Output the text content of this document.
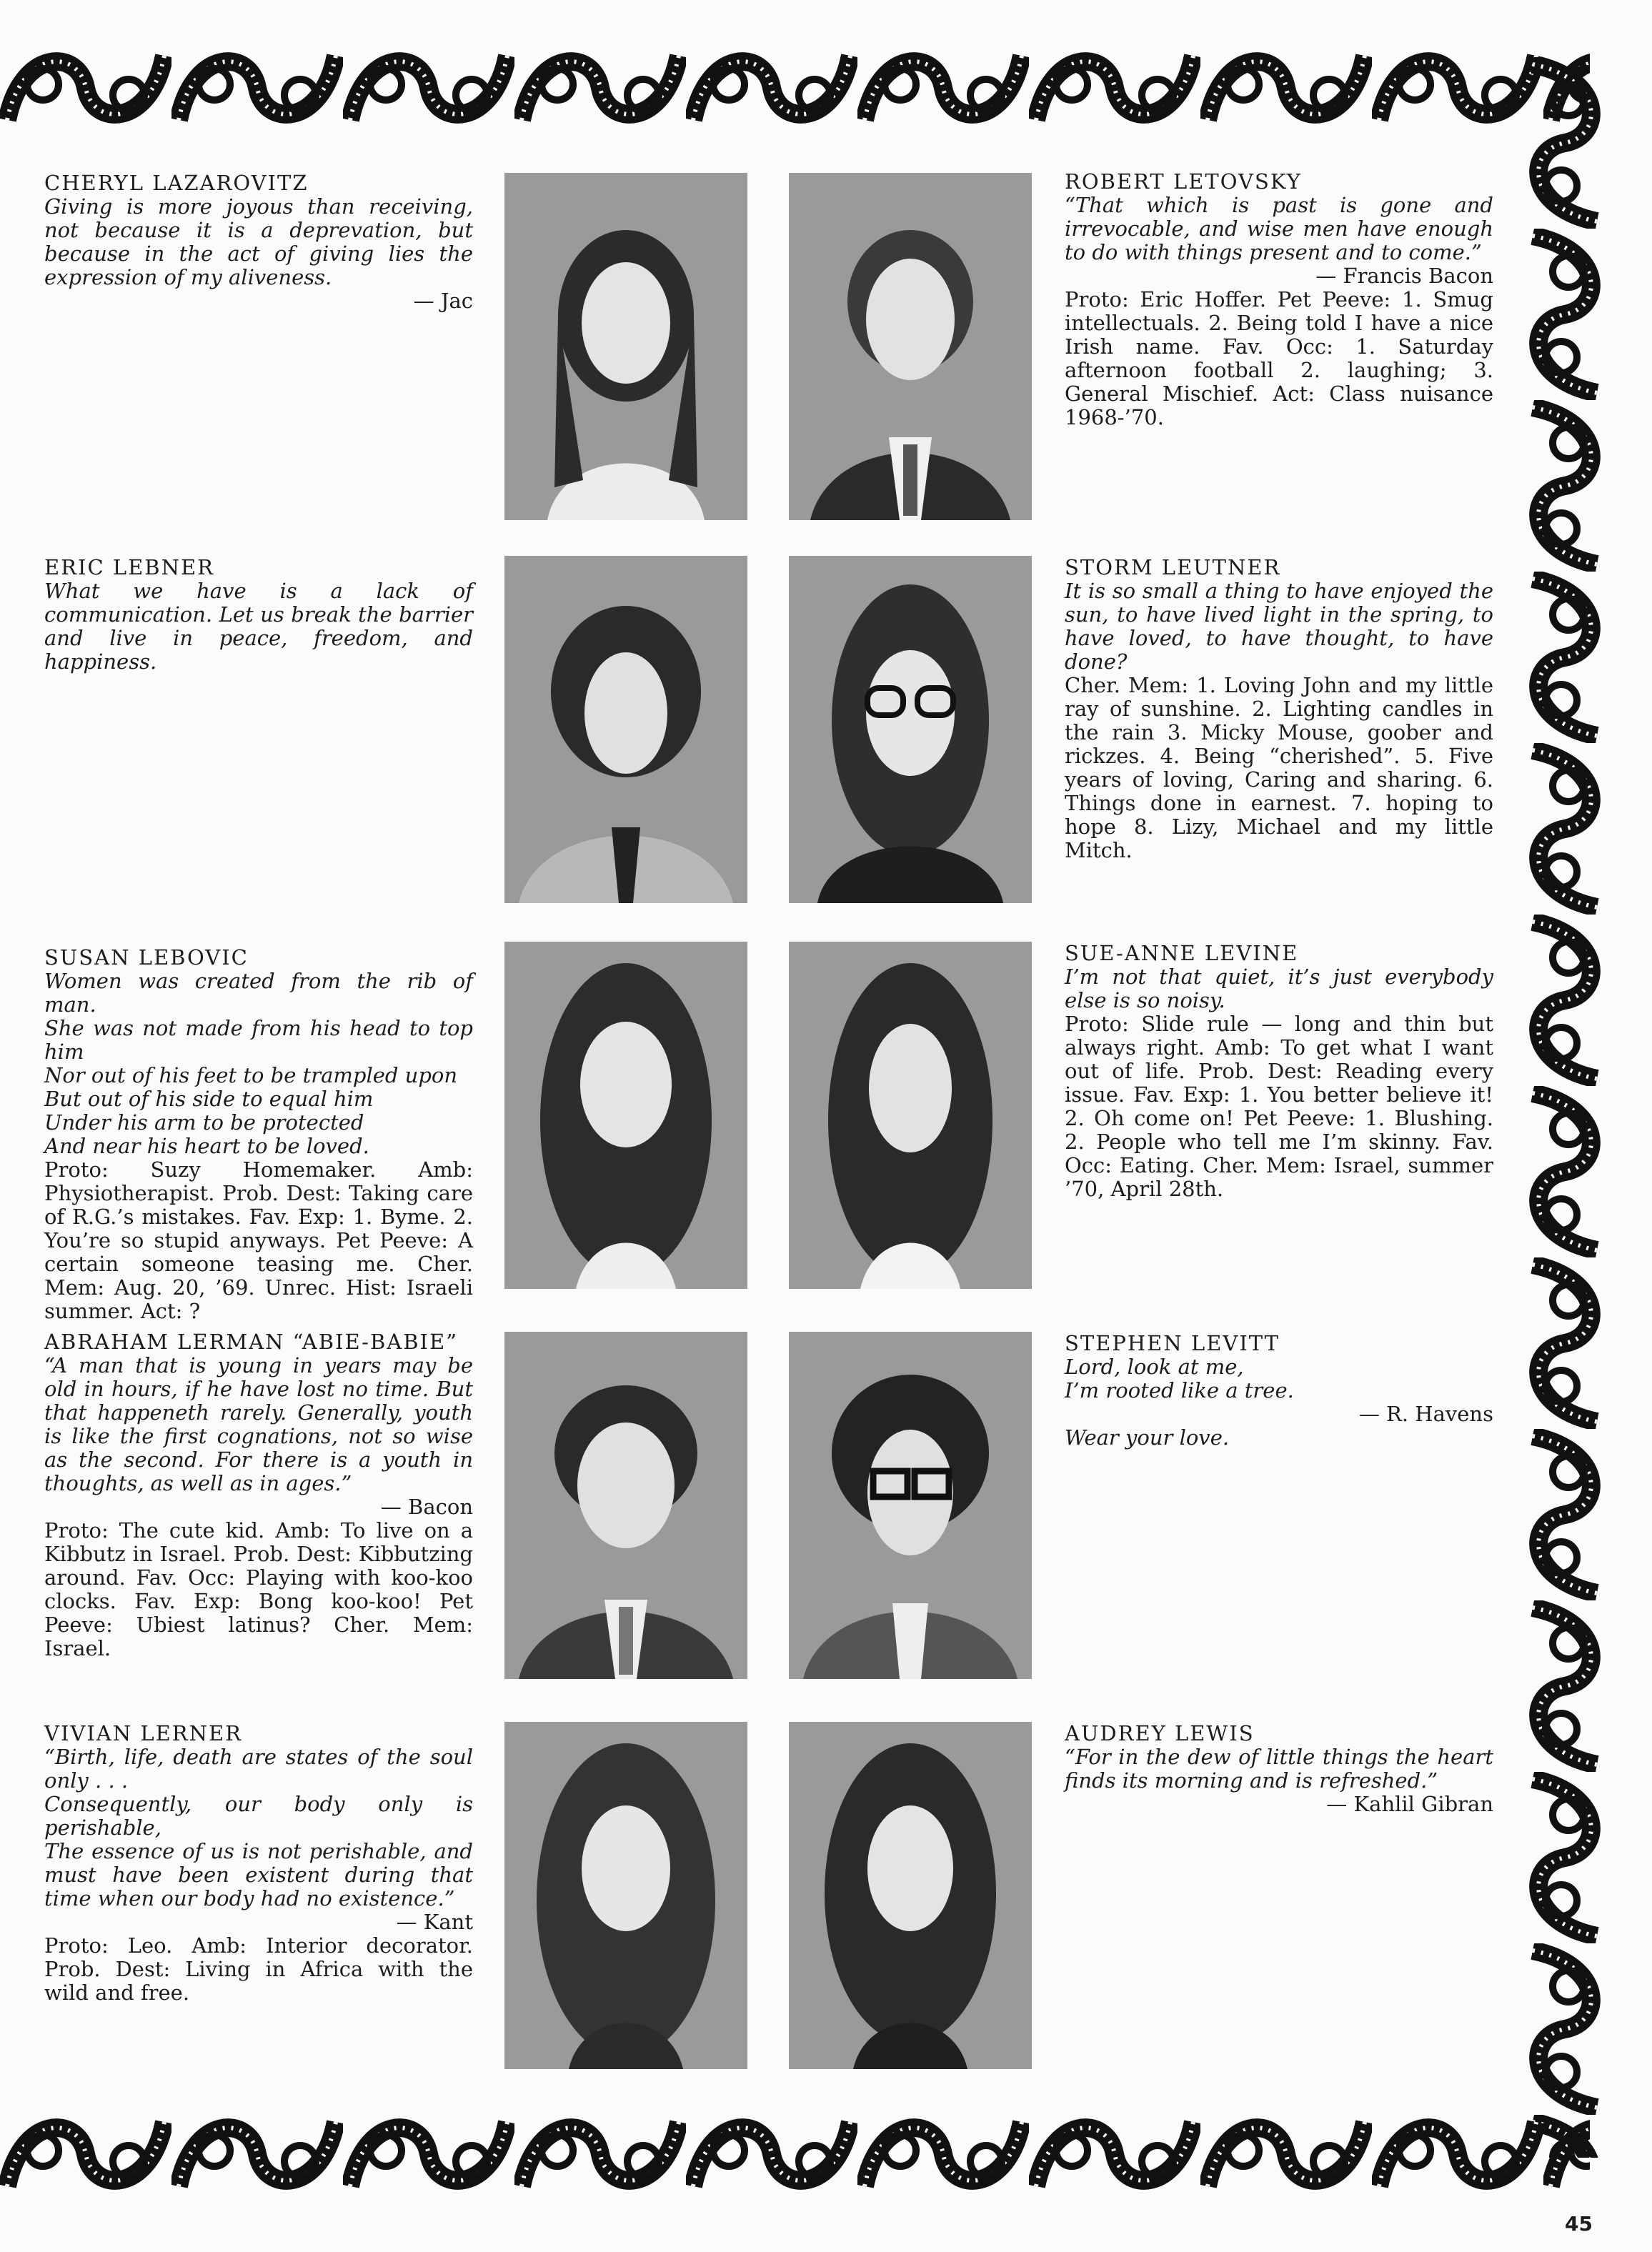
CHERYL LAZAROVITZ
Giving is more joyous than receiving, not because it is a deprevation, but because in the act of giving lies the expression of my aliveness.
— Jac
ROBERT LETOVSKY
“That which is past is gone and irrevocable, and wise men have enough to do with things present and to come.”
— Francis Bacon
Proto: Eric Hoffer. Pet Peeve: 1. Smug intellectuals. 2. Being told I have a nice Irish name. Fav. Occ: 1. Saturday afternoon football 2. laughing; 3. General Mischief. Act: Class nuisance 1968-’70.
ERIC LEBNER
What we have is a lack of communication. Let us break the barrier and live in peace, freedom, and happiness.
STORM LEUTNER
It is so small a thing to have enjoyed the sun, to have lived light in the spring, to have loved, to have thought, to have done?
Cher. Mem: 1. Loving John and my little ray of sunshine. 2. Lighting candles in the rain 3. Micky Mouse, goober and rickzes. 4. Being “cherished”. 5. Five years of loving, Caring and sharing. 6. Things done in earnest. 7. hoping to hope 8. Lizy, Michael and my little Mitch.
SUSAN LEBOVIC
Women was created from the rib of man.
She was not made from his head to top him
Nor out of his feet to be trampled upon
But out of his side to equal him
Under his arm to be protected
And near his heart to be loved.
Proto: Suzy Homemaker. Amb: Physiotherapist. Prob. Dest: Taking care of R.G.’s mistakes. Fav. Exp: 1. Byme. 2. You’re so stupid anyways. Pet Peeve: A certain someone teasing me. Cher. Mem: Aug. 20, ’69. Unrec. Hist: Israeli summer. Act: ?
SUE-ANNE LEVINE
I’m not that quiet, it’s just everybody else is so noisy.
Proto: Slide rule — long and thin but always right. Amb: To get what I want out of life. Prob. Dest: Reading every issue. Fav. Exp: 1. You better believe it! 2. Oh come on! Pet Peeve: 1. Blushing. 2. People who tell me I’m skinny. Fav. Occ: Eating. Cher. Mem: Israel, summer ’70, April 28th.
ABRAHAM LERMAN “ABIE-BABIE”
“A man that is young in years may be old in hours, if he have lost no time. But that happeneth rarely. Generally, youth is like the first cognations, not so wise as the second. For there is a youth in thoughts, as well as in ages.”
— Bacon
Proto: The cute kid. Amb: To live on a Kibbutz in Israel. Prob. Dest: Kibbutzing around. Fav. Occ: Playing with koo-koo clocks. Fav. Exp: Bong koo-koo! Pet Peeve: Ubiest latinus? Cher. Mem: Israel.
STEPHEN LEVITT
Lord, look at me,
I’m rooted like a tree.
— R. Havens
Wear your love.
VIVIAN LERNER
“Birth, life, death are states of the soul only . . .
Consequently, our body only is perishable,
The essence of us is not perishable, and must have been existent during that time when our body had no existence.”
— Kant
Proto: Leo. Amb: Interior decorator. Prob. Dest: Living in Africa with the wild and free.
AUDREY LEWIS
“For in the dew of little things the heart finds its morning and is refreshed.”
— Kahlil Gibran
45
